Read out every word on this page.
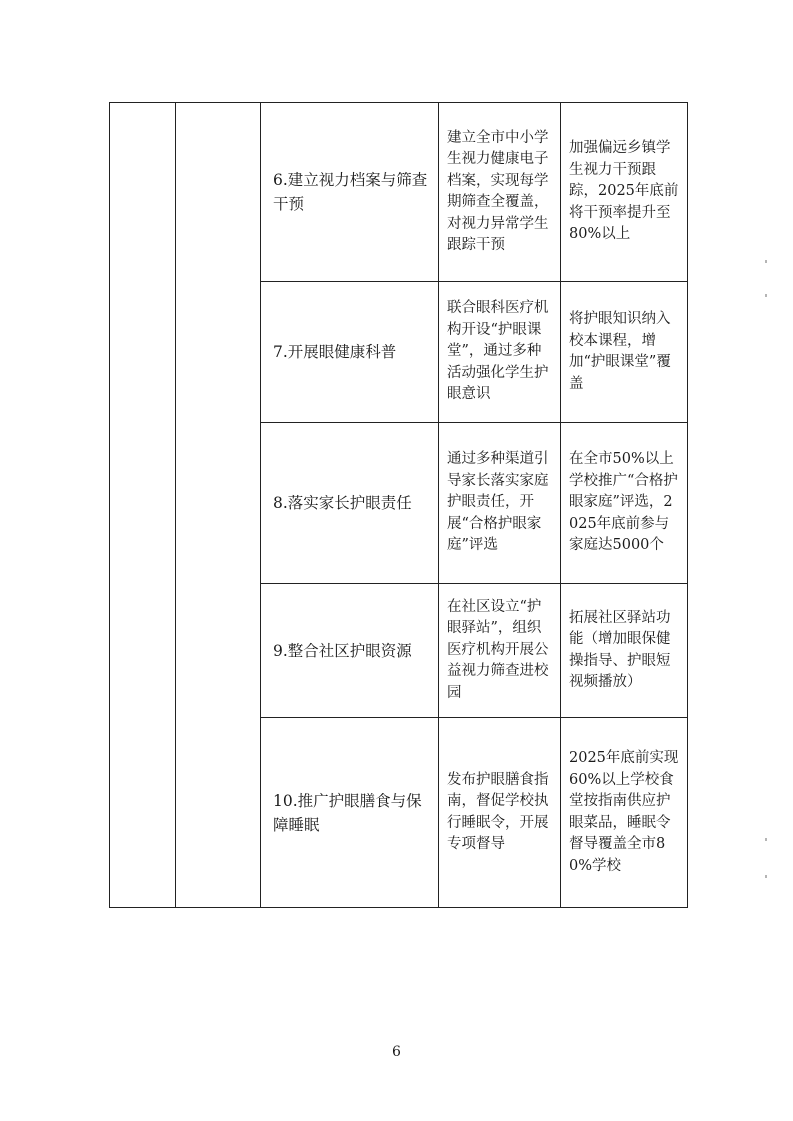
		6.建立视力档案与筛查干预	建立全市中小学生视力健康电子档案，实现每学期筛查全覆盖，对视力异常学生跟踪干预	加强偏远乡镇学生视力干预跟踪，2025年底前将干预率提升至80%以上
		7.开展眼健康科普	联合眼科医疗机构开设“护眼课堂”，通过多种活动强化学生护眼意识	将护眼知识纳入校本课程，增加“护眼课堂”覆盖
		8.落实家长护眼责任	通过多种渠道引导家长落实家庭护眼责任，开展“合格护眼家庭”评选	在全市50%以上学校推广“合格护眼家庭”评选，2025年底前参与家庭达5000个
		9.整合社区护眼资源	在社区设立“护眼驿站”，组织医疗机构开展公益视力筛查进校园	拓展社区驿站功能（增加眼保健操指导、护眼短视频播放）
		10.推广护眼膳食与保障睡眠	发布护眼膳食指南，督促学校执行睡眠令，开展专项督导	2025年底前实现60%以上学校食堂按指南供应护眼菜品，睡眠令督导覆盖全市80%学校
6
